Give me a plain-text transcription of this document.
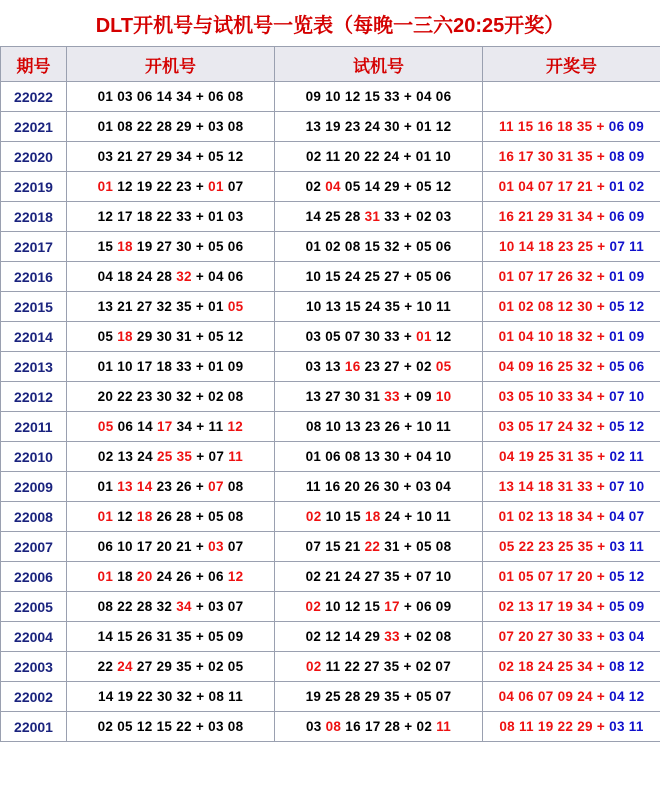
DLT开机号与试机号一览表（每晚一三六20:25开奖）
期号	开机号	试机号	开奖号
22022	01 03 06 14 34 + 06 08	09 10 12 15 33 + 04 06	
22021	01 08 22 28 29 + 03 08	13 19 23 24 30 + 01 12	11 15 16 18 35 + 06 09
22020	03 21 27 29 34 + 05 12	02 11 20 22 24 + 01 10	16 17 30 31 35 + 08 09
22019	01 12 19 22 23 + 01 07	02 04 05 14 29 + 05 12	01 04 07 17 21 + 01 02
22018	12 17 18 22 33 + 01 03	14 25 28 31 33 + 02 03	16 21 29 31 34 + 06 09
22017	15 18 19 27 30 + 05 06	01 02 08 15 32 + 05 06	10 14 18 23 25 + 07 11
22016	04 18 24 28 32 + 04 06	10 15 24 25 27 + 05 06	01 07 17 26 32 + 01 09
22015	13 21 27 32 35 + 01 05	10 13 15 24 35 + 10 11	01 02 08 12 30 + 05 12
22014	05 18 29 30 31 + 05 12	03 05 07 30 33 + 01 12	01 04 10 18 32 + 01 09
22013	01 10 17 18 33 + 01 09	03 13 16 23 27 + 02 05	04 09 16 25 32 + 05 06
22012	20 22 23 30 32 + 02 08	13 27 30 31 33 + 09 10	03 05 10 33 34 + 07 10
22011	05 06 14 17 34 + 11 12	08 10 13 23 26 + 10 11	03 05 17 24 32 + 05 12
22010	02 13 24 25 35 + 07 11	01 06 08 13 30 + 04 10	04 19 25 31 35 + 02 11
22009	01 13 14 23 26 + 07 08	11 16 20 26 30 + 03 04	13 14 18 31 33 + 07 10
22008	01 12 18 26 28 + 05 08	02 10 15 18 24 + 10 11	01 02 13 18 34 + 04 07
22007	06 10 17 20 21 + 03 07	07 15 21 22 31 + 05 08	05 22 23 25 35 + 03 11
22006	01 18 20 24 26 + 06 12	02 21 24 27 35 + 07 10	01 05 07 17 20 + 05 12
22005	08 22 28 32 34 + 03 07	02 10 12 15 17 + 06 09	02 13 17 19 34 + 05 09
22004	14 15 26 31 35 + 05 09	02 12 14 29 33 + 02 08	07 20 27 30 33 + 03 04
22003	22 24 27 29 35 + 02 05	02 11 22 27 35 + 02 07	02 18 24 25 34 + 08 12
22002	14 19 22 30 32 + 08 11	19 25 28 29 35 + 05 07	04 06 07 09 24 + 04 12
22001	02 05 12 15 22 + 03 08	03 08 16 17 28 + 02 11	08 11 19 22 29 + 03 11
